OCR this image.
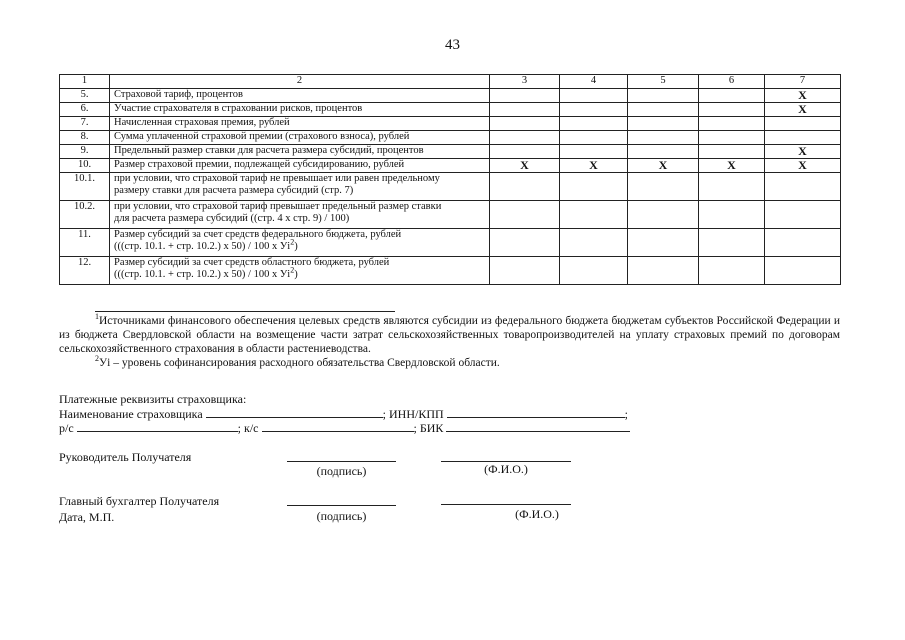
43
1	2	3	4	5	6	7
5.	Страховой тариф, процентов					X
6.	Участие страхователя в страховании рисков, процентов					X
7.	Начисленная страховая премия, рублей					
8.	Сумма уплаченной страховой премии (страхового взноса), рублей					
9.	Предельный размер ставки для расчета размера субсидий, процентов					X
10.	Размер страховой премии, подлежащей субсидированию, рублей	X	X	X	X	X
10.1.	при условии, что страховой тариф не превышает или равен предельному
размеру ставки для расчета размера субсидий (стр. 7)					
10.2.	при условии, что страховой тариф превышает предельный размер ставки
для расчета размера субсидий ((стр. 4 х стр. 9) / 100)					
11.	Размер субсидий за счет средств федерального бюджета, рублей
(((стр. 10.1. + стр. 10.2.) х 50) / 100 х $Уi^2$)					
12.	Размер субсидий за счет средств областного бюджета, рублей
(((стр. 10.1. + стр. 10.2.) х 50) / 100 х $Уi^2$)					
$^1$Источниками финансового обеспечения целевых средств являются субсидии из федерального бюджета бюджетам субъектов Российской Федерации и из бюджета Свердловской области на возмещение части затрат сельскохозяйственных товаропроизводителей на уплату страховых премий по договорам сельскохозяйственного страхования в области растениеводства.
$^2$Уi – уровень софинансирования расходного обязательства Свердловской области.
Платежные реквизиты страховщика:
Наименование страховщика	; ИНН/КПП	;
р/с	; к/с	; БИК
Руководитель Получателя
(подпись)	(Ф.И.О.)
Главный бухгалтер Получателя
Дата, М.П.	(подпись)	(Ф.И.О.)
